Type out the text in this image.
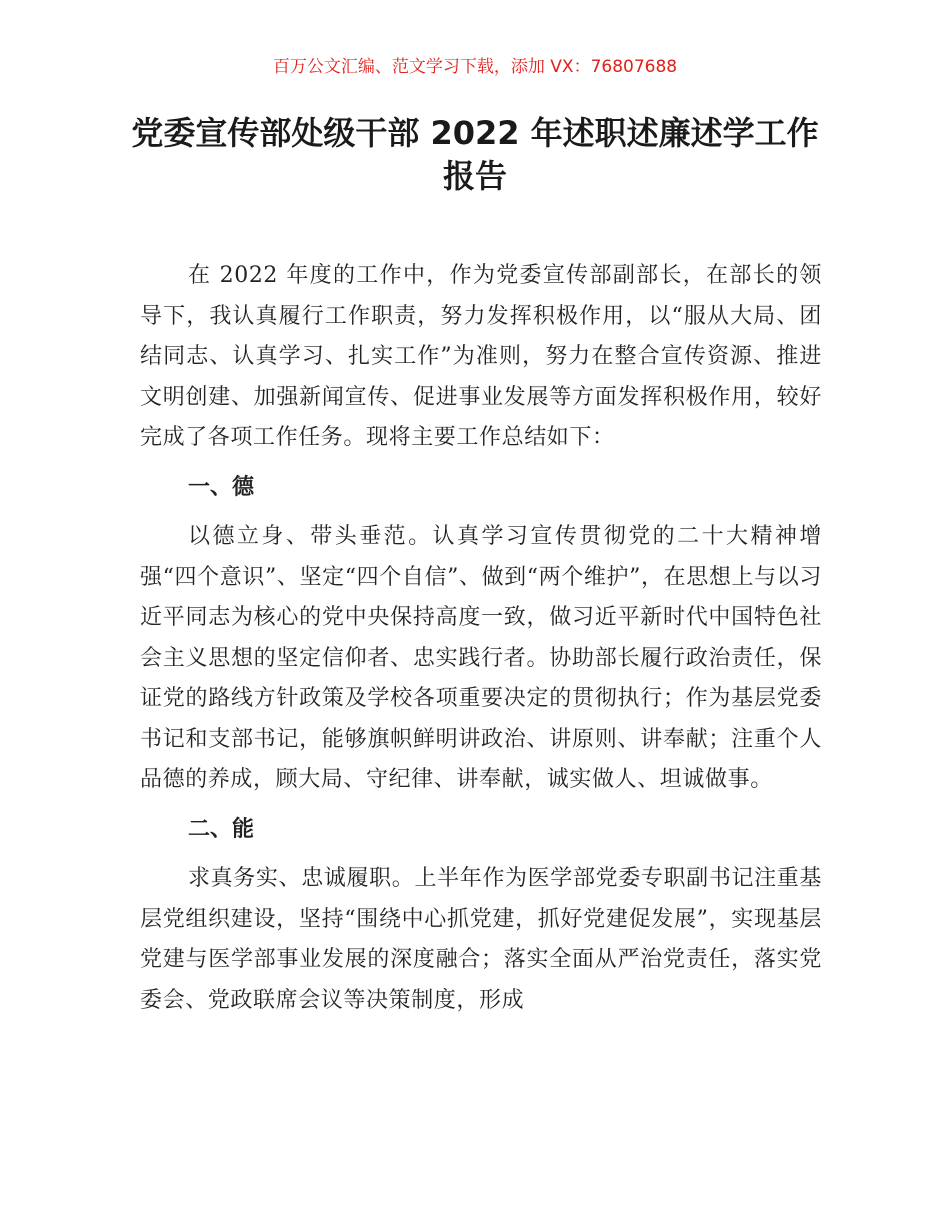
百万公文汇编、范文学习下载，添加 VX：76807688
党委宣传部处级干部 2022 年述职述廉述学工作报告

在 2022 年度的工作中，作为党委宣传部副部长，在部长的领导下，我认真履行工作职责，努力发挥积极作用，以“服从大局、团结同志、认真学习、扎实工作”为准则，努力在整合宣传资源、推进文明创建、加强新闻宣传、促进事业发展等方面发挥积极作用，较好完成了各项工作任务。现将主要工作总结如下：

一、德

以德立身、带头垂范。认真学习宣传贯彻党的二十大精神增强“四个意识”、坚定“四个自信”、做到“两个维护”，在思想上与以习近平同志为核心的党中央保持高度一致，做习近平新时代中国特色社会主义思想的坚定信仰者、忠实践行者。协助部长履行政治责任，保证党的路线方针政策及学校各项重要决定的贯彻执行；作为基层党委书记和支部书记，能够旗帜鲜明讲政治、讲原则、讲奉献；注重个人品德的养成，顾大局、守纪律、讲奉献，诚实做人、坦诚做事。

二、能

求真务实、忠诚履职。上半年作为医学部党委专职副书记注重基层党组织建设，坚持“围绕中心抓党建，抓好党建促发展”，实现基层党建与医学部事业发展的深度融合；落实全面从严治党责任，落实党委会、党政联席会议等决策制度，形成
